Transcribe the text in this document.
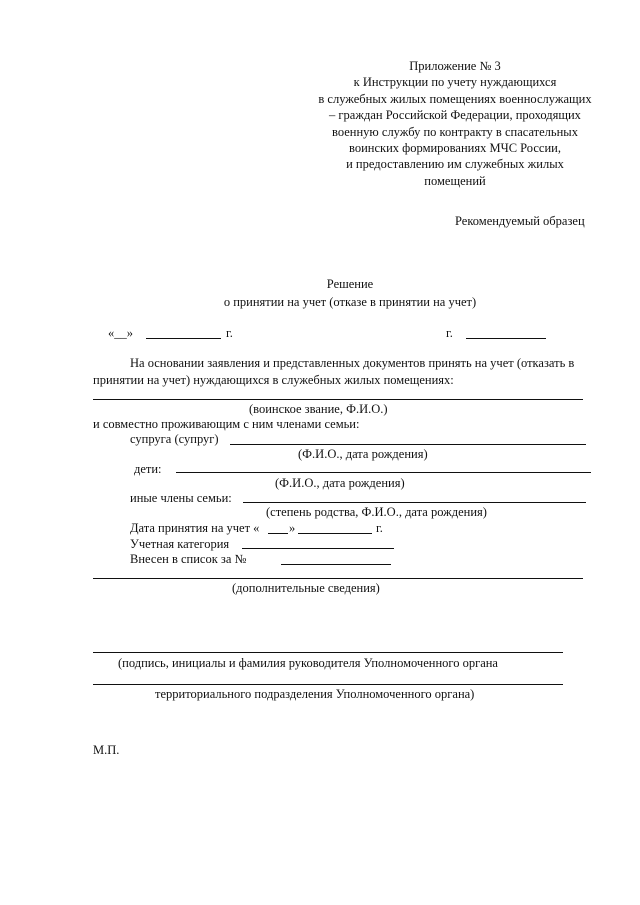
Приложение № 3
к Инструкции по учету нуждающихся
в служебных жилых помещениях военнослужащих
– граждан Российской Федерации, проходящих
военную службу по контракту в спасательных
воинских формированиях МЧС России,
и предоставлению им служебных жилых
помещений
Рекомендуемый образец
Решение
о принятии на учет (отказе в принятии на учет)
«__»	г.	г.
На основании заявления и представленных документов принять на учет (отказать в
принятии на учет) нуждающихся в служебных жилых помещениях:
(воинское звание, Ф.И.О.)
и совместно проживающим с ним членами семьи:
супруга (супруг)
(Ф.И.О., дата рождения)
дети:
(Ф.И.О., дата рождения)
иные члены семьи:
(степень родства, Ф.И.О., дата рождения)
Дата принятия на учет « »	г.
Учетная категория
Внесен в список за №
(дополнительные сведения)
(подпись, инициалы и фамилия руководителя Уполномоченного органа
территориального подразделения Уполномоченного органа)
М.П.
